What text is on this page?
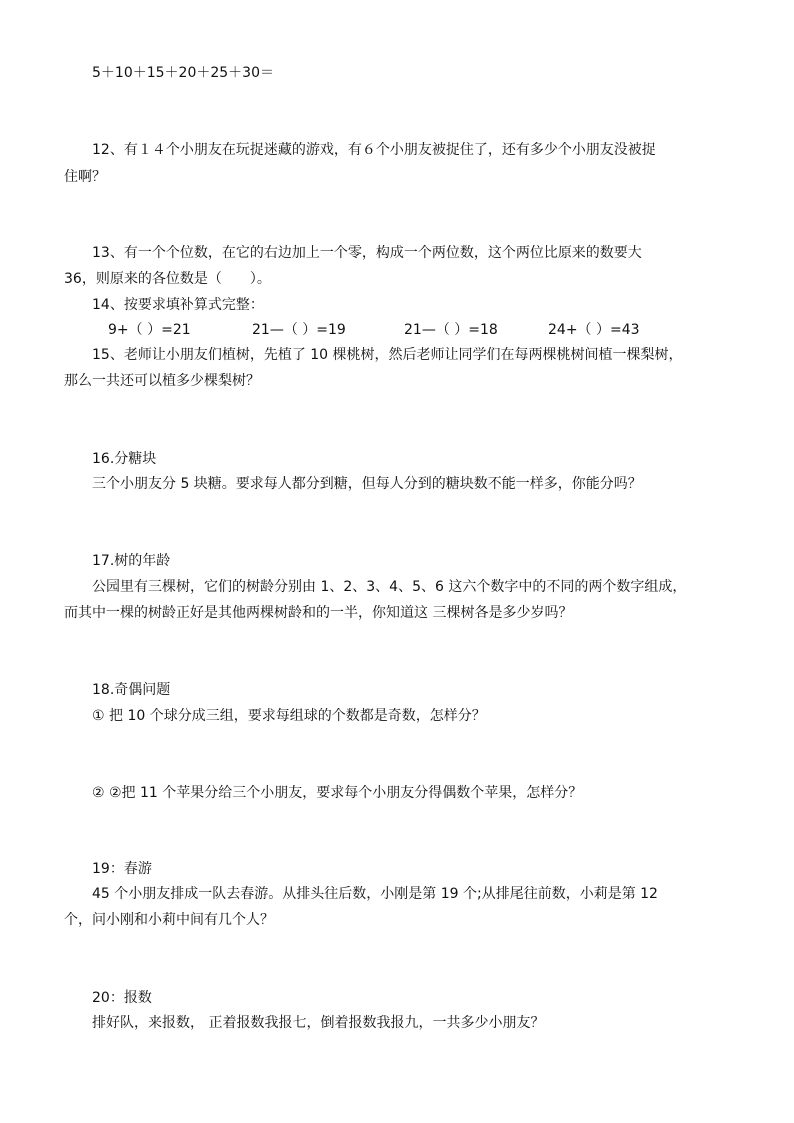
5＋10＋15＋20＋25＋30＝
12、有１４个小朋友在玩捉迷藏的游戏，有６个小朋友被捉住了，还有多少个小朋友没被捉
住啊？
13、有一个个位数，在它的右边加上一个零，构成一个两位数，这个两位比原来的数要大
36，则原来的各位数是（　　）。
14、按要求填补算式完整：
9+（ ）=21	21—（ ）=19	21—（ ）=18	24+（ ）=43
15、老师让小朋友们植树，先植了 10 棵桃树，然后老师让同学们在每两棵桃树间植一棵梨树，
那么一共还可以植多少棵梨树？
16.分糖块
三个小朋友分 5 块糖。要求每人都分到糖，但每人分到的糖块数不能一样多，你能分吗？
17.树的年龄
公园里有三棵树，它们的树龄分别由 1、2、3、4、5、6 这六个数字中的不同的两个数字组成，
而其中一棵的树龄正好是其他两棵树龄和的一半，你知道这 三棵树各是多少岁吗？
18.奇偶问题
① 把 10 个球分成三组，要求每组球的个数都是奇数，怎样分？
② ②把 11 个苹果分给三个小朋友，要求每个小朋友分得偶数个苹果，怎样分？
19：春游
45 个小朋友排成一队去春游。从排头往后数，小刚是第 19 个;从排尾往前数，小莉是第 12
个，问小刚和小莉中间有几个人？
20：报数
排好队，来报数， 正着报数我报七，倒着报数我报九，一共多少小朋友？
